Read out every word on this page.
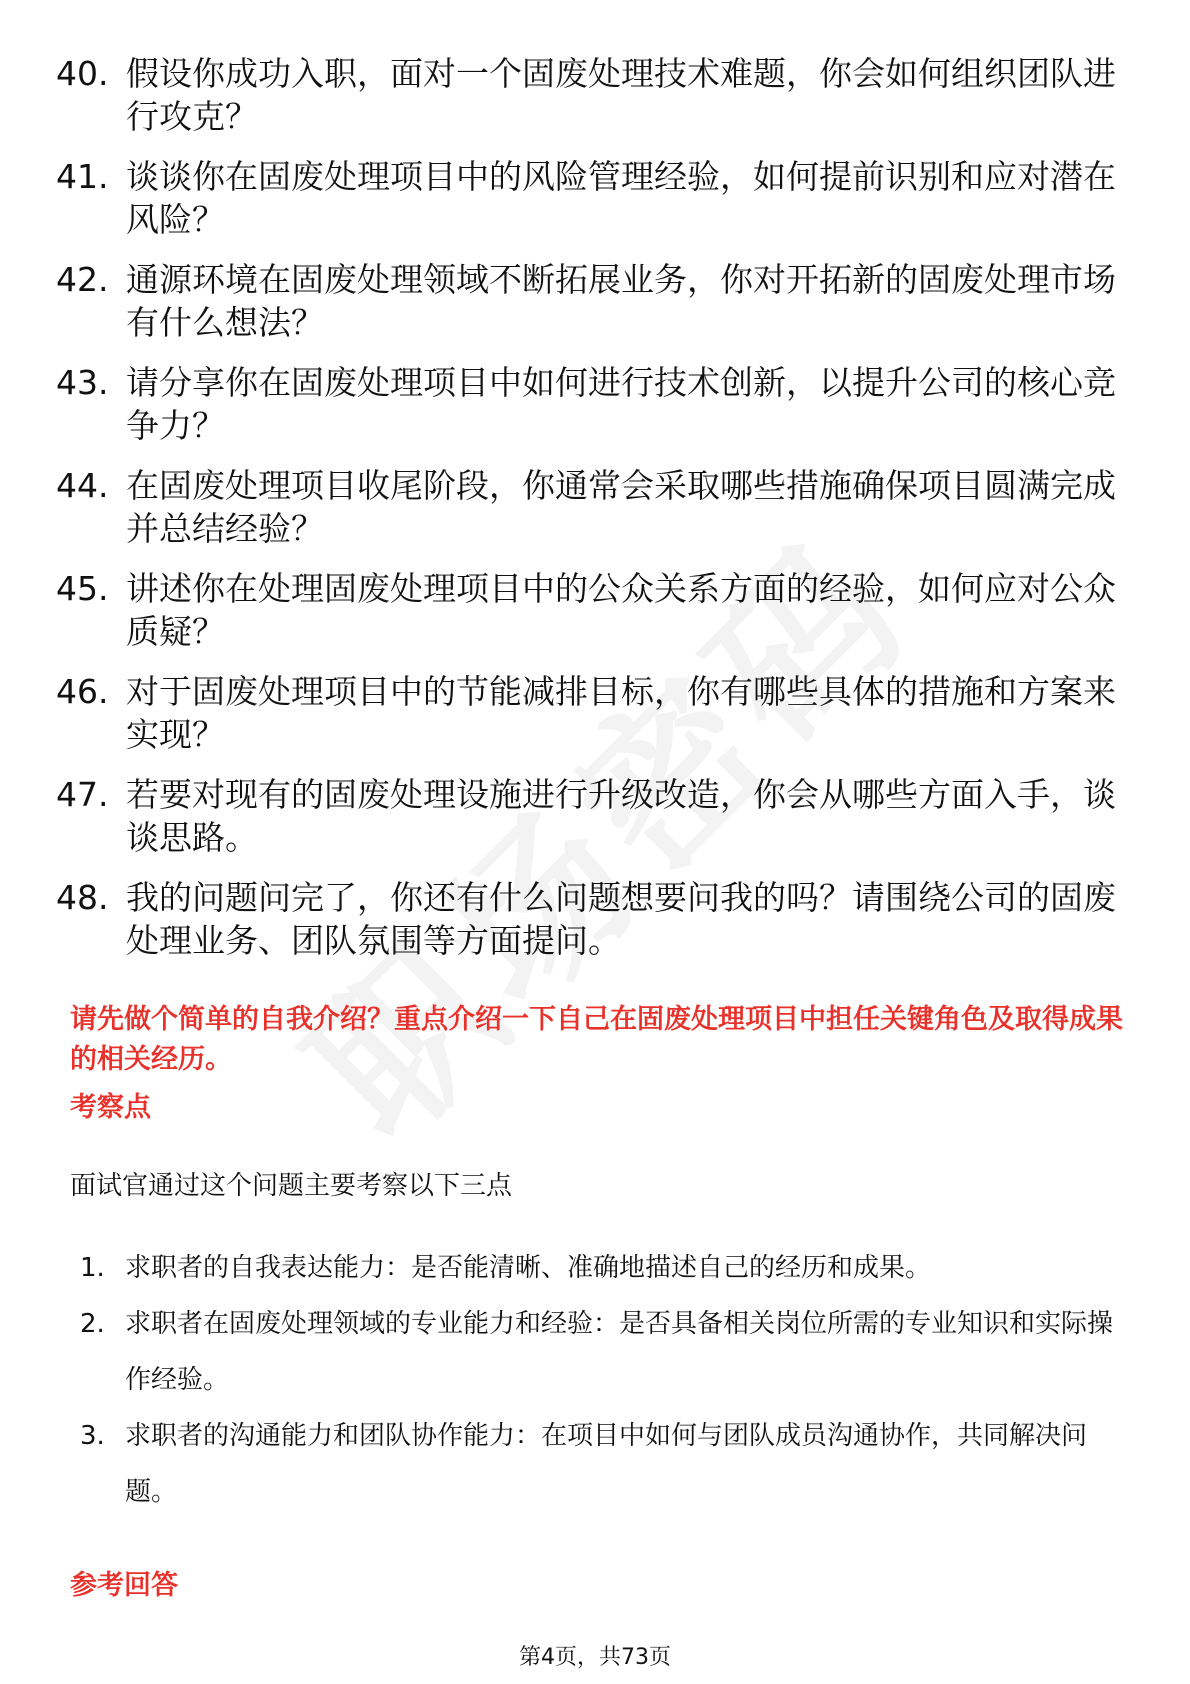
40. 假设你成功入职，面对一个固废处理技术难题，你会如何组织团队进行攻克？
41. 谈谈你在固废处理项目中的风险管理经验，如何提前识别和应对潜在风险？
42. 通源环境在固废处理领域不断拓展业务，你对开拓新的固废处理市场有什么想法？
43. 请分享你在固废处理项目中如何进行技术创新，以提升公司的核心竞争力？
44. 在固废处理项目收尾阶段，你通常会采取哪些措施确保项目圆满完成并总结经验？
45. 讲述你在处理固废处理项目中的公众关系方面的经验，如何应对公众质疑？
46. 对于固废处理项目中的节能减排目标，你有哪些具体的措施和方案来实现？
47. 若要对现有的固废处理设施进行升级改造，你会从哪些方面入手，谈谈思路。
48. 我的问题问完了，你还有什么问题想要问我的吗？请围绕公司的固废处理业务、团队氛围等方面提问。

请先做个简单的自我介绍？重点介绍一下自己在固废处理项目中担任关键角色及取得成果的相关经历。

考察点

面试官通过这个问题主要考察以下三点

1. 求职者的自我表达能力：是否能清晰、准确地描述自己的经历和成果。
2. 求职者在固废处理领域的专业能力和经验：是否具备相关岗位所需的专业知识和实际操作经验。
3. 求职者的沟通能力和团队协作能力：在项目中如何与团队成员沟通协作，共同解决问题。

参考回答

第4页，共73页
